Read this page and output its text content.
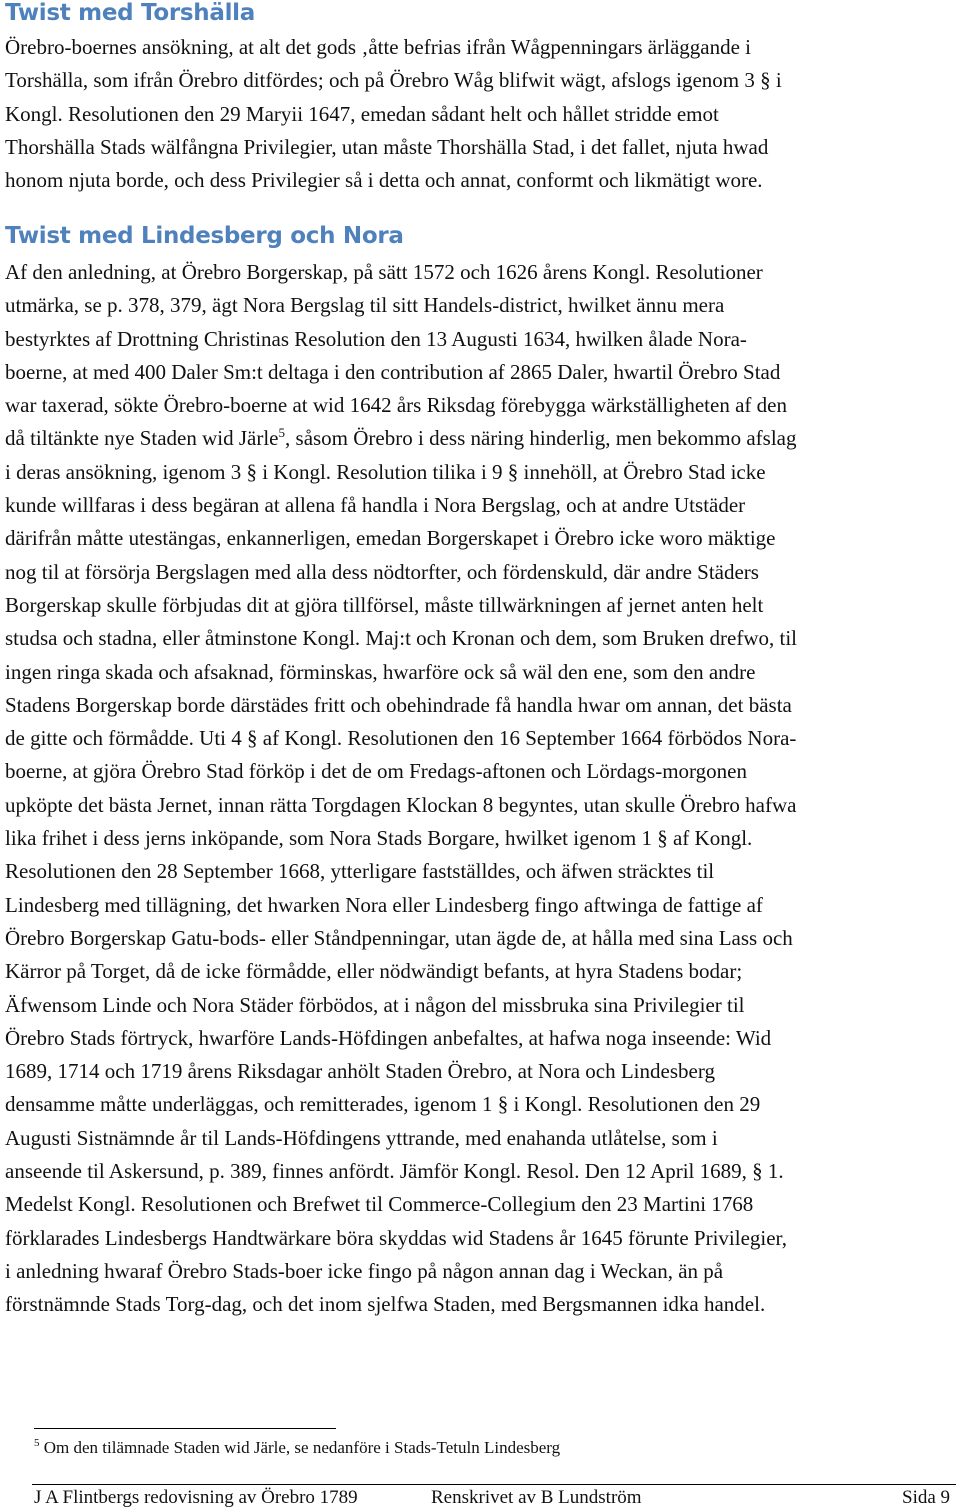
Twist med Torshälla
Örebro-boernes ansökning, at alt det gods ‚åtte befrias ifrån Wågpenningars ärläggande i
Torshälla, som ifrån Örebro ditfördes; och på Örebro Wåg blifwit wägt, afslogs igenom 3 § i
Kongl. Resolutionen den 29 Maryii 1647, emedan sådant helt och hållet stridde emot
Thorshälla Stads wälfångna Privilegier, utan måste Thorshälla Stad, i det fallet, njuta hwad
honom njuta borde, och dess Privilegier så i detta och annat, conformt och likmätigt wore.
Twist med Lindesberg och Nora
Af den anledning, at Örebro Borgerskap, på sätt 1572 och 1626 årens Kongl. Resolutioner
utmärka, se p. 378, 379, ägt Nora Bergslag til sitt Handels-district, hwilket ännu mera
bestyrktes af Drottning Christinas Resolution den 13 Augusti 1634, hwilken ålade Nora-
boerne, at med 400 Daler Sm:t deltaga i den contribution af 2865 Daler, hwartil Örebro Stad
war taxerad, sökte Örebro-boerne at wid 1642 års Riksdag förebygga wärkställigheten af den
då tiltänkte nye Staden wid Järle$^5$, såsom Örebro i dess näring hinderlig, men bekommo afslag
i deras ansökning, igenom 3 § i Kongl. Resolution tilika i 9 § innehöll, at Örebro Stad icke
kunde willfaras i dess begäran at allena få handla i Nora Bergslag, och at andre Utstäder
därifrån måtte utestängas, enkannerligen, emedan Borgerskapet i Örebro icke woro mäktige
nog til at försörja Bergslagen med alla dess nödtorfter, och fördenskuld, där andre Städers
Borgerskap skulle förbjudas dit at gjöra tillförsel, måste tillwärkningen af jernet anten helt
studsa och stadna, eller åtminstone Kongl. Maj:t och Kronan och dem, som Bruken drefwo, til
ingen ringa skada och afsaknad, förminskas, hwarföre ock så wäl den ene, som den andre
Stadens Borgerskap borde därstädes fritt och obehindrade få handla hwar om annan, det bästa
de gitte och förmådde. Uti 4 § af Kongl. Resolutionen den 16 September 1664 förbödos Nora-
boerne, at gjöra Örebro Stad förköp i det de om Fredags-aftonen och Lördags-morgonen
upköpte det bästa Jernet, innan rätta Torgdagen Klockan 8 begyntes, utan skulle Örebro hafwa
lika frihet i dess jerns inköpande, som Nora Stads Borgare, hwilket igenom 1 § af Kongl.
Resolutionen den 28 September 1668, ytterligare fastställdes, och äfwen sträcktes til
Lindesberg med tillägning, det hwarken Nora eller Lindesberg fingo aftwinga de fattige af
Örebro Borgerskap Gatu-bods- eller Ståndpenningar, utan ägde de, at hålla med sina Lass och
Kärror på Torget, då de icke förmådde, eller nödwändigt befants, at hyra Stadens bodar;
Äfwensom Linde och Nora Städer förbödos, at i någon del missbruka sina Privilegier til
Örebro Stads förtryck, hwarföre Lands-Höfdingen anbefaltes, at hafwa noga inseende: Wid
1689, 1714 och 1719 årens Riksdagar anhölt Staden Örebro, at Nora och Lindesberg
densamme måtte underläggas, och remitterades, igenom 1 § i Kongl. Resolutionen den 29
Augusti Sistnämnde år til Lands-Höfdingens yttrande, med enahanda utlåtelse, som i
anseende til Askersund, p. 389, finnes anfördt. Jämför Kongl. Resol. Den 12 April 1689, § 1.
Medelst Kongl. Resolutionen och Brefwet til Commerce-Collegium den 23 Martini 1768
förklarades Lindesbergs Handtwärkare böra skyddas wid Stadens år 1645 förunte Privilegier,
i anledning hwaraf Örebro Stads-boer icke fingo på någon annan dag i Weckan, än på
förstnämnde Stads Torg-dag, och det inom sjelfwa Staden, med Bergsmannen idka handel.
$^5$ Om den tilämnade Staden wid Järle, se nedanföre i Stads-Tetuln Lindesberg
J A Flintbergs redovisning av Örebro 1789	Renskrivet av B Lundström	Sida 9
